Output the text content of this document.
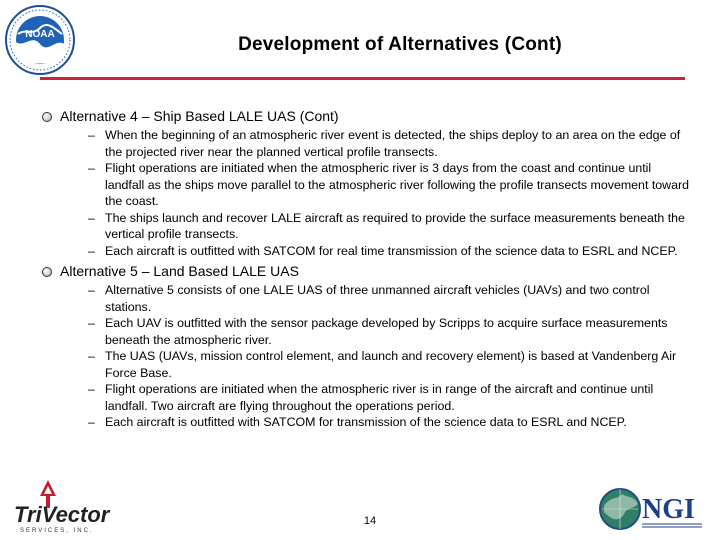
NOAA	Development of Alternatives (Cont)
Alternative 4 – Ship Based LALE UAS (Cont)
– When the beginning of an atmospheric river event is detected, the ships deploy to an area on the edge of the projected river near the planned vertical profile transects.
– Flight operations are initiated when the atmospheric river is 3 days from the coast and continue until landfall as the ships move parallel to the atmospheric river following the profile transects movement toward the coast.
– The ships launch and recover LALE aircraft as required to provide the surface measurements beneath the vertical profile transects.
– Each aircraft is outfitted with SATCOM for real time transmission of the science data to ESRL and NCEP.
Alternative 5 – Land Based LALE UAS
– Alternative 5 consists of one LALE UAS of three unmanned aircraft vehicles (UAVs) and two control stations.
– Each UAV is outfitted with the sensor package developed by Scripps to acquire surface measurements beneath the atmospheric river.
– The UAS (UAVs, mission control element, and launch and recovery element) is based at Vandenberg Air Force Base.
– Flight operations are initiated when the atmospheric river is in range of the aircraft and continue until landfall. Two aircraft are flying throughout the operations period.
– Each aircraft is outfitted with SATCOM for transmission of the science data to ESRL and NCEP.
TriVector
SERVICES, INC.
14	NGI
